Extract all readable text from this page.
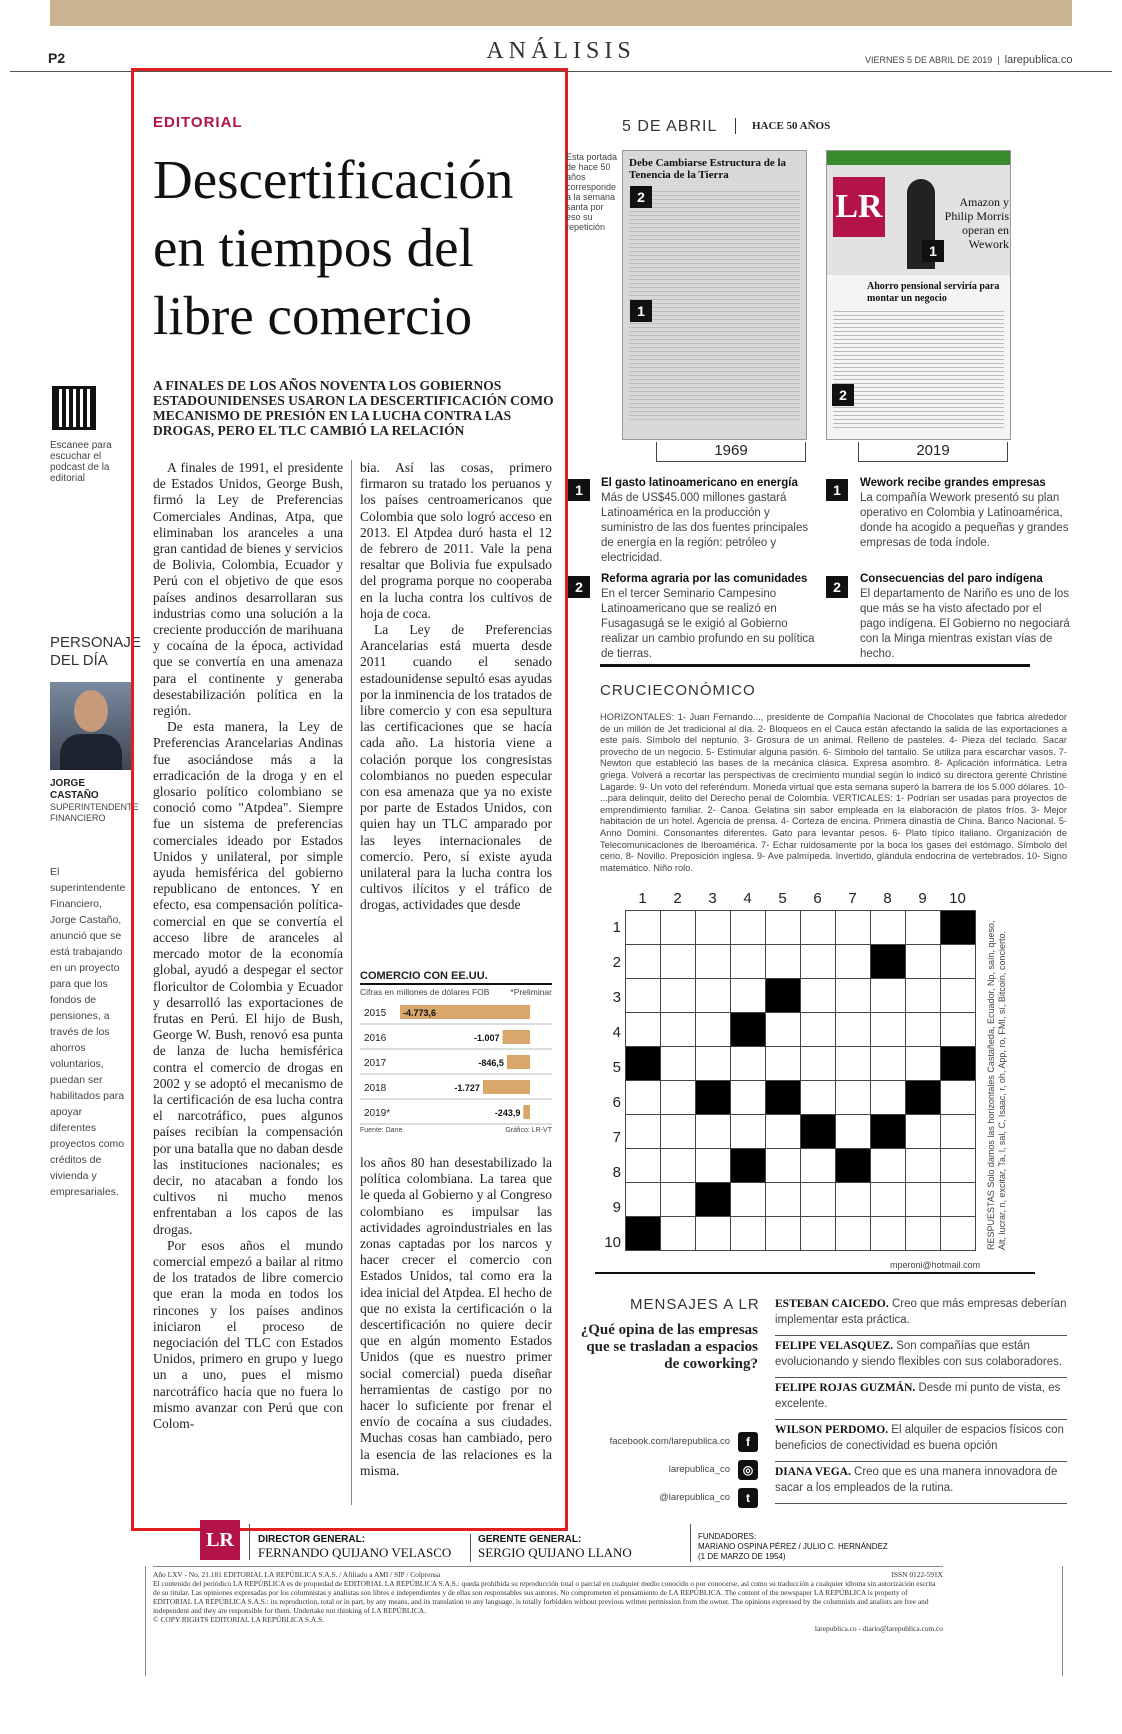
P2	ANÁLISIS	VIERNES 5 DE ABRIL DE 2019  |  larepublica.co
Escanee para escuchar el podcast de la editorial
PERSONAJE DEL DÍA
JORGE CASTAÑO
SUPERINTENDENTE FINANCIERO
El superintendente Financiero, Jorge Castaño, anunció que se está trabajando en un proyecto para que los fondos de pensiones, a través de los ahorros voluntarios, puedan ser habilitados para apoyar diferentes proyectos como créditos de vivienda y empresariales.
EDITORIAL
Descertificación en tiempos del libre comercio
A FINALES DE LOS AÑOS NOVENTA LOS GOBIERNOS ESTADOUNIDENSES USARON LA DESCERTIFICACIÓN COMO MECANISMO DE PRESIÓN EN LA LUCHA CONTRA LAS DROGAS, PERO EL TLC CAMBIÓ LA RELACIÓN

A finales de 1991, el presidente de Estados Unidos, George Bush, firmó la Ley de Preferencias Comerciales Andinas, Atpa, que eliminaban los aranceles a una gran cantidad de bienes y servicios de Bolivia, Colombia, Ecuador y Perú con el objetivo de que esos países andinos desarrollaran sus industrias como una solución a la creciente producción de marihuana y cocaína de la época, actividad que se convertía en una amenaza para el continente y generaba desestabilización política en la región.

De esta manera, la Ley de Preferencias Arancelarias Andinas fue asociándose más a la erradicación de la droga y en el glosario político colombiano se conoció como "Atpdea". Siempre fue un sistema de preferencias comerciales ideado por Estados Unidos y unilateral, por simple ayuda hemisférica del gobierno republicano de entonces. Y en efecto, esa compensación política-comercial en que se convertía el acceso libre de aranceles al mercado motor de la economía global, ayudó a despegar el sector floricultor de Colombia y Ecuador y desarrolló las exportaciones de frutas en Perú. El hijo de Bush, George W. Bush, renovó esa punta de lanza de lucha hemisférica contra el comercio de drogas en 2002 y se adoptó el mecanismo de la certificación de esa lucha contra el narcotráfico, pues algunos países recibían la compensación por una batalla que no daban desde las instituciones nacionales; es decir, no atacaban a fondo los cultivos ni mucho menos enfrentaban a los capos de las drogas.

Por esos años el mundo comercial empezó a bailar al ritmo de los tratados de libre comercio que eran la moda en todos los rincones y los países andinos iniciaron el proceso de negociación del TLC con Estados Unidos, primero en grupo y luego un a uno, pues el mismo narcotráfico hacía que no fuera lo mismo avanzar con Perú que con Colom-

bia. Así las cosas, primero firmaron su tratado los peruanos y los países centroamericanos que Colombia que solo logró acceso en 2013. El Atpdea duró hasta el 12 de febrero de 2011. Vale la pena resaltar que Bolivia fue expulsado del programa porque no cooperaba en la lucha contra los cultivos de hoja de coca.

La Ley de Preferencias Arancelarias está muerta desde 2011 cuando el senado estadounidense sepultó esas ayudas por la inminencia de los tratados de libre comercio y con esa sepultura las certificaciones que se hacía cada año. La historia viene a colación porque los congresistas colombianos no pueden especular con esa amenaza que ya no existe por parte de Estados Unidos, con quien hay un TLC amparado por las leyes internacionales de comercio. Pero, sí existe ayuda unilateral para la lucha contra los cultivos ilícitos y el tráfico de drogas, actividades que desde

COMERCIO CON EE.UU.
Cifras en millones de dólares FOB *Preliminar
2015 -4.773,6
2016	-1.007
2017	-846,5
2018	-1.727
2019*	-243,9
Fuente: Dane	Gráfico: LR-VT

los años 80 han desestabilizado la política colombiana. La tarea que le queda al Gobierno y al Congreso colombiano es impulsar las actividades agroindustriales en las zonas captadas por los narcos y hacer crecer el comercio con Estados Unidos, tal como era la idea inicial del Atpdea. El hecho de que no exista la certificación o la descertificación no quiere decir que en algún momento Estados Unidos (que es nuestro primer social comercial) pueda diseñar herramientas de castigo por no hacer lo suficiente por frenar el envío de cocaína a sus ciudades. Muchas cosas han cambiado, pero la esencia de las relaciones es la misma.

Esta portada de hace 50 años corresponde a la semana santa por eso su repetición
5 DE ABRIL	HACE 50 AÑOS
Debe Cambiarse Estructura de la Tenencia de la Tierra
2
1
LR	Amazon y Philip Morris operan en Wework
Ahorro pensional serviría para montar un negocio
1
2
1969	2019
1	El gasto latinoamericano en energía
Más de US$45.000 millones gastará Latinoamérica en la producción y suministro de las dos fuentes principales de energía en la región: petróleo y electricidad.
2	Reforma agraria por las comunidades
En el tercer Seminario Campesino Latinoamericano que se realizó en Fusagasugá se le exigió al Gobierno realizar un cambio profundo en su política de tierras.
1	Wework recibe grandes empresas
La compañía Wework presentó su plan operativo en Colombia y Latinoamérica, donde ha acogido a pequeñas y grandes empresas de toda índole.
2	Consecuencias del paro indígena
El departamento de Nariño es uno de los que más se ha visto afectado por el pago indígena. El Gobierno no negociará con la Minga mientras existan vías de hecho.
CRUCIECONÓMICO
HORIZONTALES: 1- Juan Fernando..., presidente de Compañía Nacional de Chocolates que fabrica alrededor de un millón de Jet tradicional al día. 2- Bloqueos en el Cauca están afectando la salida de las exportaciones a este país. Símbolo del neptunio. 3- Grosura de un animal. Relleno de pasteles. 4- Pieza del teclado. Sacar provecho de un negocio. 5- Estimular alguna pasión. 6- Símbolo del tantalio. Se utiliza para escarchar vasos. 7- Newton que estableció las bases de la mecánica clásica. Expresa asombro. 8- Aplicación informática. Letra griega. Volverá a recortar las perspectivas de crecimiento mundial según lo indicó su directora gerente Christine Lagarde. 9- Un voto del referéndum. Moneda virtual que esta semana superó la barrera de los 5.000 dólares. 10- ...para delinquir, delito del Derecho penal de Colombia. VERTICALES: 1- Podrían ser usadas para proyectos de emprendimiento familiar. 2- Canoa. Gelatina sin sabor empleada en la elaboración de platos fríos. 3- Mejor habitación de un hotel. Agencia de prensa. 4- Corteza de encina. Primera dinastía de China. Banco Nacional. 5- Anno Domini. Consonantes diferentes. Gato para levantar pesos. 6- Plato típico italiano. Organización de Telecomunicaciones de Iberoamérica. 7- Echar ruidosamente por la boca los gases del estómago. Símbolo del cerio. 8- Novillo. Preposición inglesa. 9- Ave palmípeda. Invertido, glándula endocrina de vertebrados. 10- Signo matemático. Niño rolo.
1	2	3	4	5	6	7	8	9	10
1
2
3
4
5
6
7
8
9
10

mperoni@hotmail.com
RESPUESTAS Solo damos las horizontales Castañeda, Ecuador, Np, saín, queso, Alt, lucrar, n, excitar, Ta, l, sal, C, Isaac, r, oh, App, ro, FMI, sí, Bitcoin, concierto.
MENSAJES A LR
¿Qué opina de las empresas que se trasladan a espacios de coworking?
facebook.com/larepublica.co	f
larepublica_co	◎
@larepublica_co	t
ESTEBAN CAICEDO. Creo que más empresas deberían implementar esta práctica.
FELIPE VELASQUEZ. Son compañías que están evolucionando y siendo flexibles con sus colaboradores.
FELIPE ROJAS GUZMÁN. Desde mi punto de vista, es excelente.
WILSON PERDOMO. El alquiler de espacios físicos con beneficios de conectividad es buena opción
DIANA VEGA. Creo que es una manera innovadora de sacar a los empleados de la rutina.
LR	DIRECTOR GENERAL:
FERNANDO QUIJANO VELASCO
GERENTE GENERAL:
SERGIO QUIJANO LLANO
FUNDADORES:
MARIANO OSPINA PÉREZ / JULIO C. HERNÁNDEZ
(1 DE MARZO DE 1954)
Año LXV - No. 21.181 EDITORIAL LA REPÚBLICA S.A.S. / Afiliado a AMI / SIP / Colprensa	ISSN 0122-591X
El contenido del periódico LA REPÚBLICA es de propiedad de EDITORIAL LA REPÚBLICA S.A.S.: queda prohibida su reproducción total o parcial en cualquier medio conocido o por conocerse, así como su traducción a cualquier idioma sin autorización escrita de su titular. Las opiniones expresadas por los columnistas y analistas son libres e independientes y de ellas son responsables sus autores. No comprometen el pensamiento de LA REPÚBLICA. The content of the newspaper LA REPÚBLICA is property of EDITORIAL LA REPÚBLICA S.A.S.: its reproduction, total or in part, by any means, and its translation to any language, is totally forbidden without previous written permission from the owner. The opinions expressed by the columnists and analists are free and independent and they are responsible for them. Undertake not thinking of LA REPÚBLICA.
© COPY RIGHTS EDITORIAL LA REPÚBLICA S.A.S.
larepublica.co - diario@larepublica.com.co
